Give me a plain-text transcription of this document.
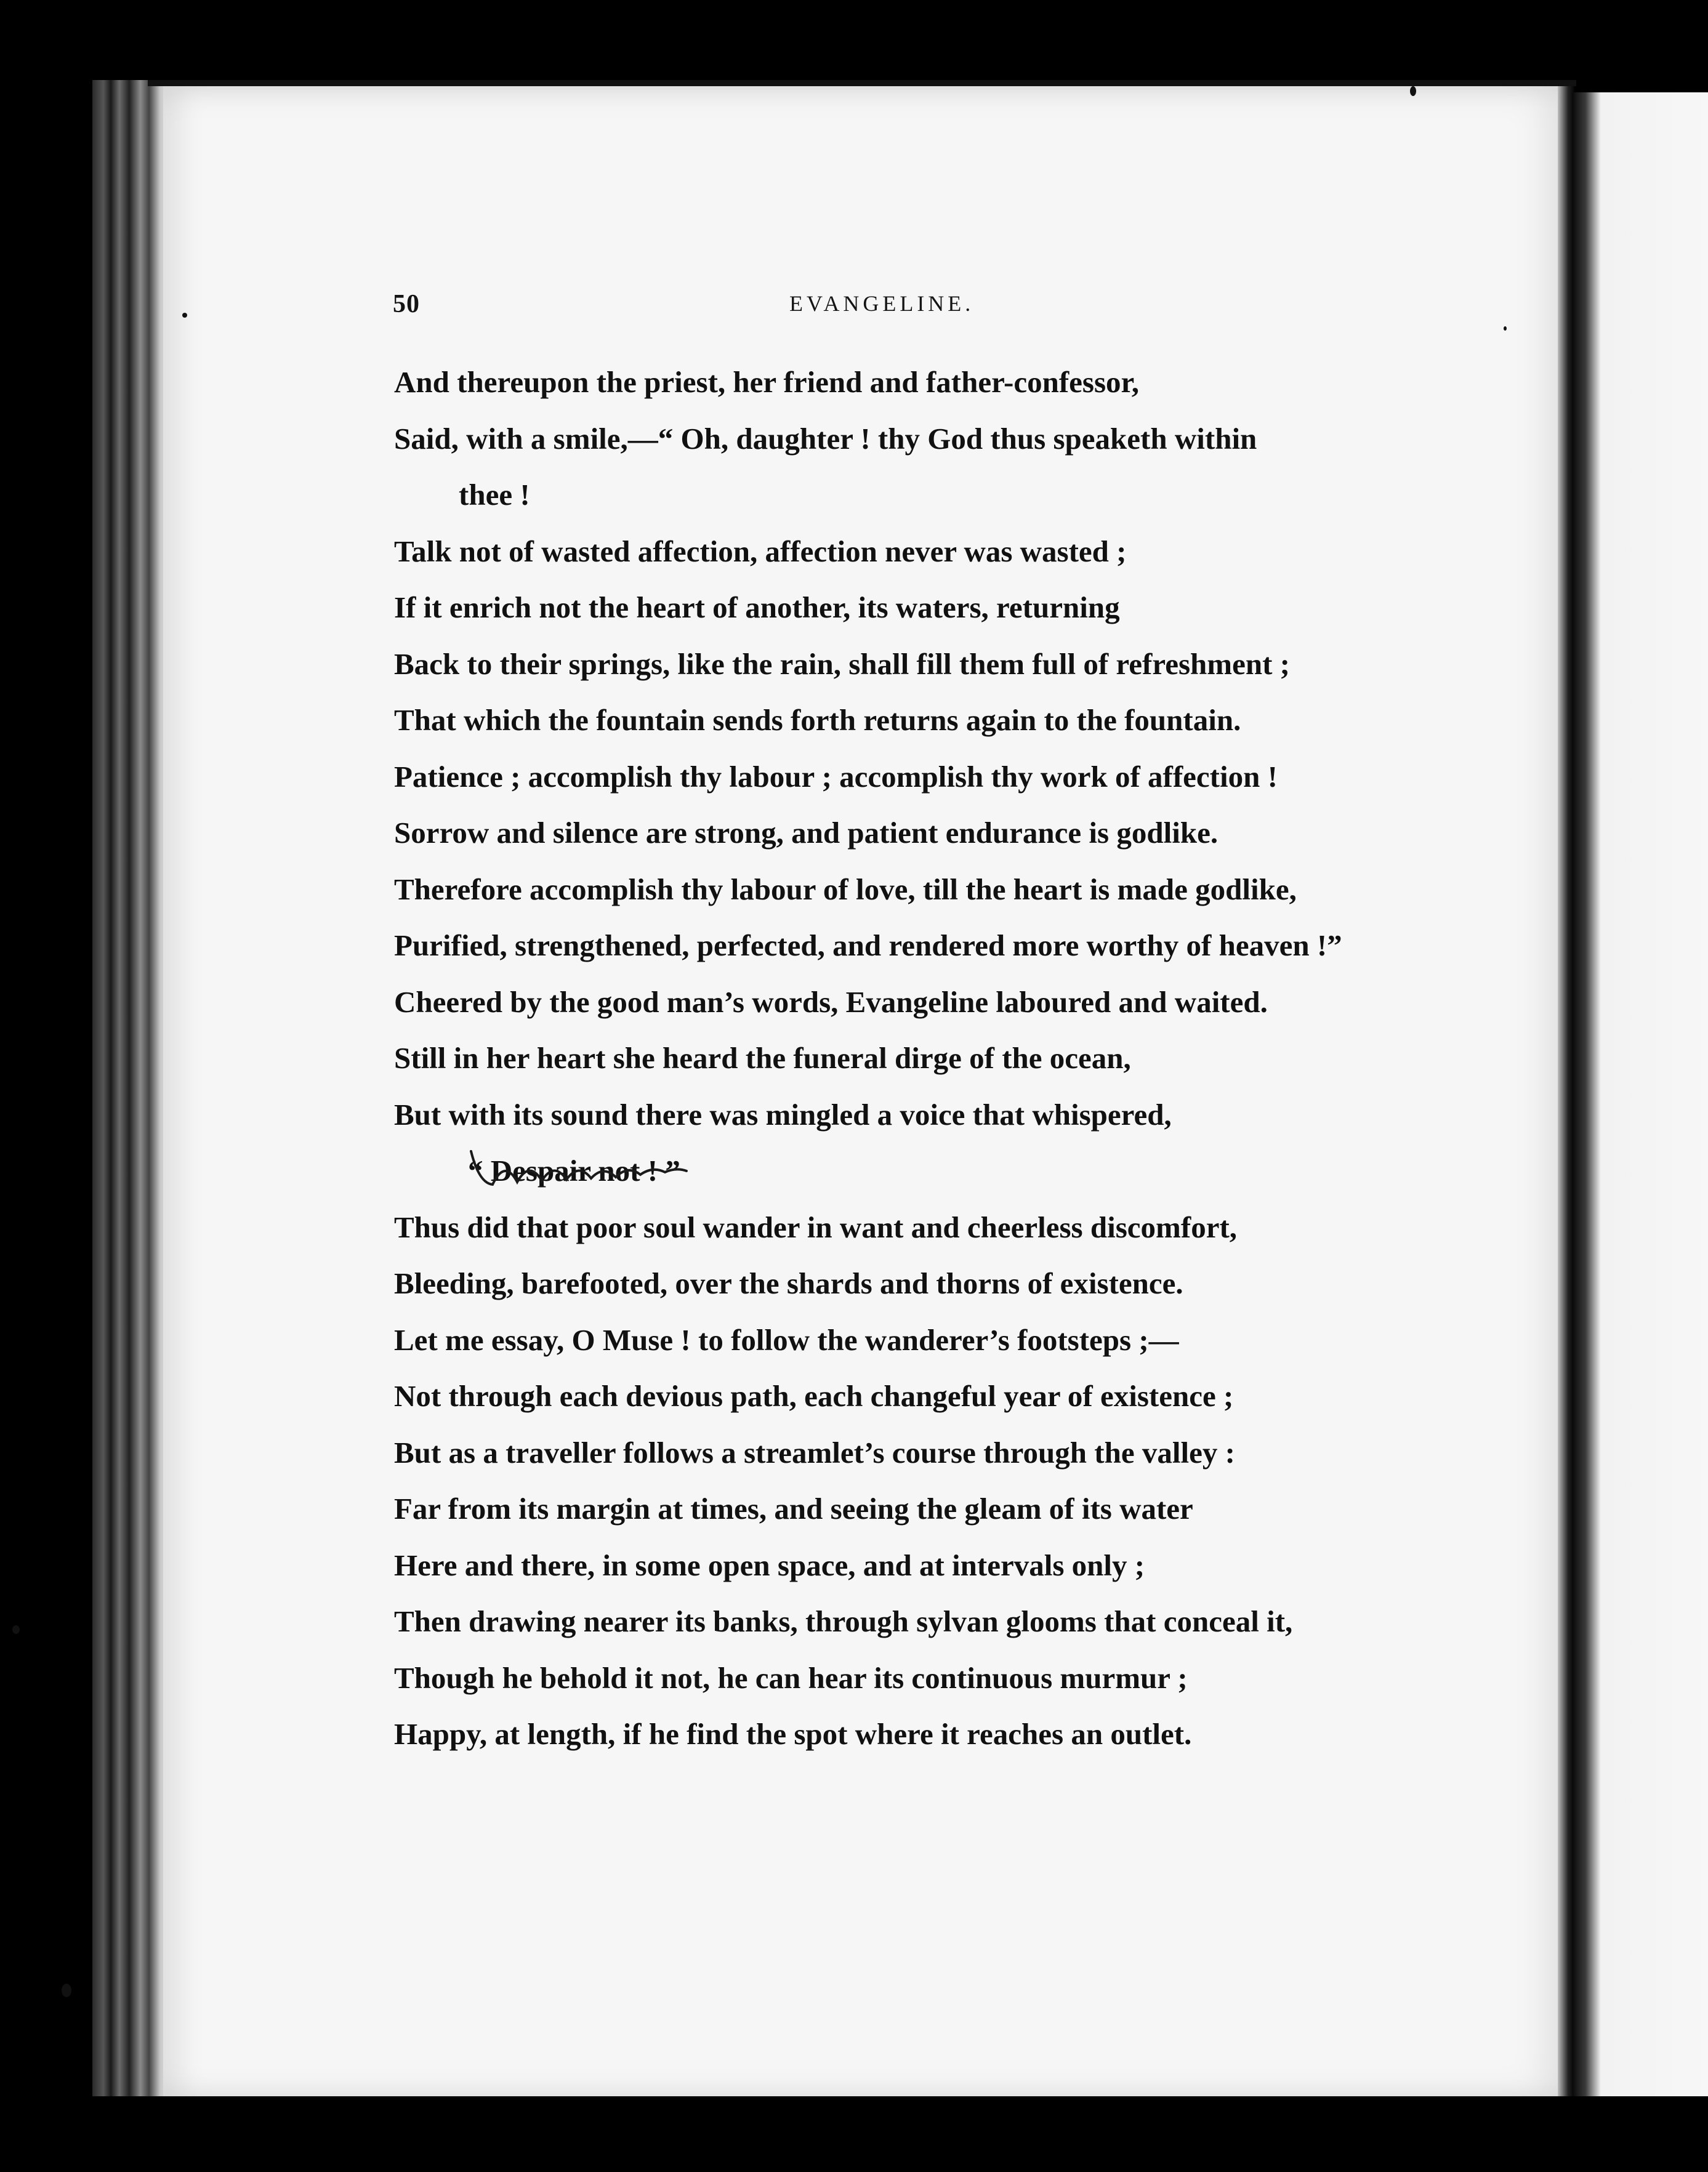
50	EVANGELINE.
And thereupon the priest, her friend and father-confessor,
Said, with a smile,—“ Oh, daughter ! thy God thus speaketh within
thee !
Talk not of wasted affection, affection never was wasted ;
If it enrich not the heart of another, its waters, returning
Back to their springs, like the rain, shall fill them full of refreshment ;
That which the fountain sends forth returns again to the fountain.
Patience ; accomplish thy labour ; accomplish thy work of affection !
Sorrow and silence are strong, and patient endurance is godlike.
Therefore accomplish thy labour of love, till the heart is made godlike,
Purified, strengthened, perfected, and rendered more worthy of heaven !”
Cheered by the good man’s words, Evangeline laboured and waited.
Still in her heart she heard the funeral dirge of the ocean,
But with its sound there was mingled a voice that whispered,
“ Despair not ! ”
Thus did that poor soul wander in want and cheerless discomfort,
Bleeding, barefooted, over the shards and thorns of existence.
Let me essay, O Muse ! to follow the wanderer’s footsteps ;—
Not through each devious path, each changeful year of existence ;
But as a traveller follows a streamlet’s course through the valley :
Far from its margin at times, and seeing the gleam of its water
Here and there, in some open space, and at intervals only ;
Then drawing nearer its banks, through sylvan glooms that conceal it,
Though he behold it not, he can hear its continuous murmur ;
Happy, at length, if he find the spot where it reaches an outlet.
